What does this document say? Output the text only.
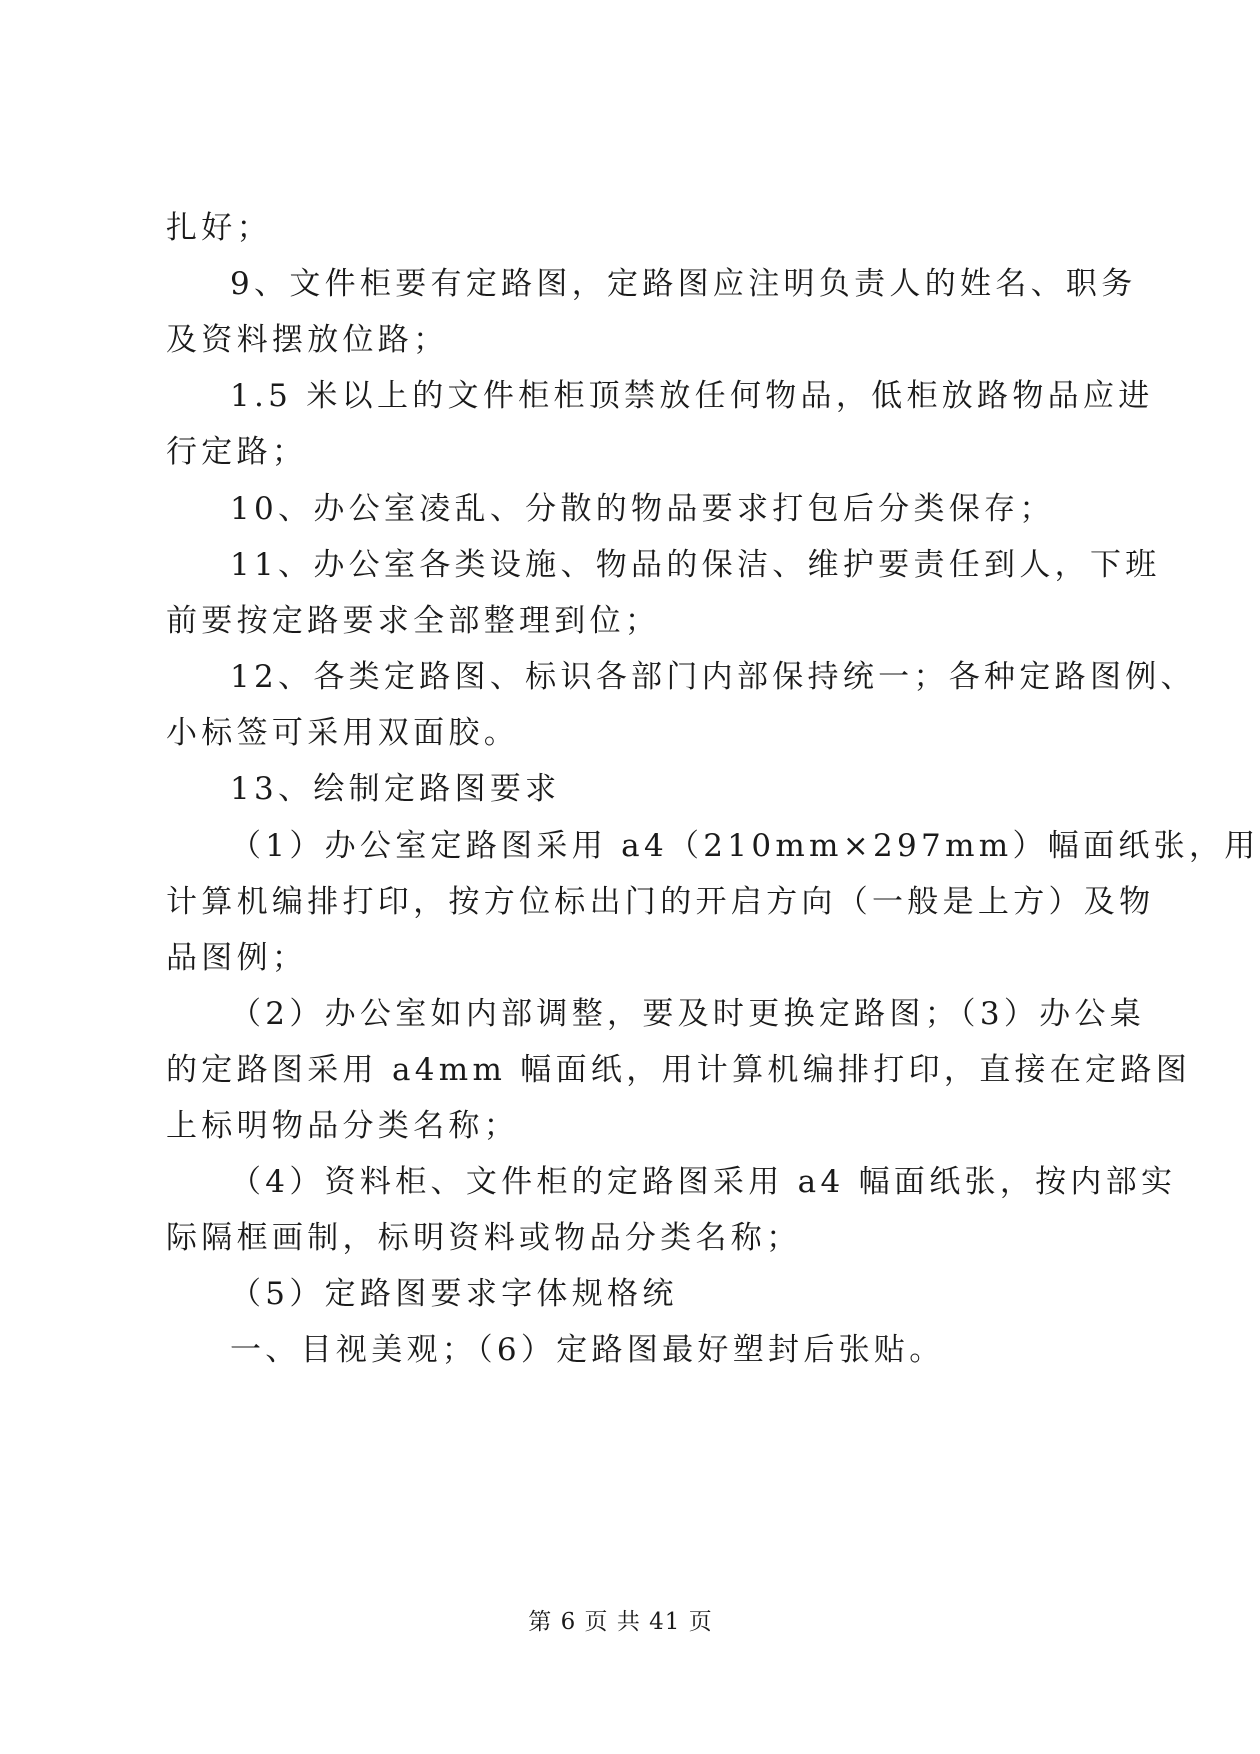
扎好；
9、文件柜要有定路图，定路图应注明负责人的姓名、职务
及资料摆放位路；
1.5 米以上的文件柜柜顶禁放任何物品，低柜放路物品应进
行定路；
10、办公室凌乱、分散的物品要求打包后分类保存；
11、办公室各类设施、物品的保洁、维护要责任到人，下班
前要按定路要求全部整理到位；
12、各类定路图、标识各部门内部保持统一；各种定路图例、
小标签可采用双面胶。
13、绘制定路图要求
（1）办公室定路图采用 a4（210mm×297mm）幅面纸张，用
计算机编排打印，按方位标出门的开启方向（一般是上方）及物
品图例；
（2）办公室如内部调整，要及时更换定路图；（3）办公桌
的定路图采用 a4mm 幅面纸，用计算机编排打印，直接在定路图
上标明物品分类名称；
（4）资料柜、文件柜的定路图采用 a4 幅面纸张，按内部实
际隔框画制，标明资料或物品分类名称；
（5）定路图要求字体规格统
一、目视美观；（6）定路图最好塑封后张贴。
第 6 页 共 41 页
